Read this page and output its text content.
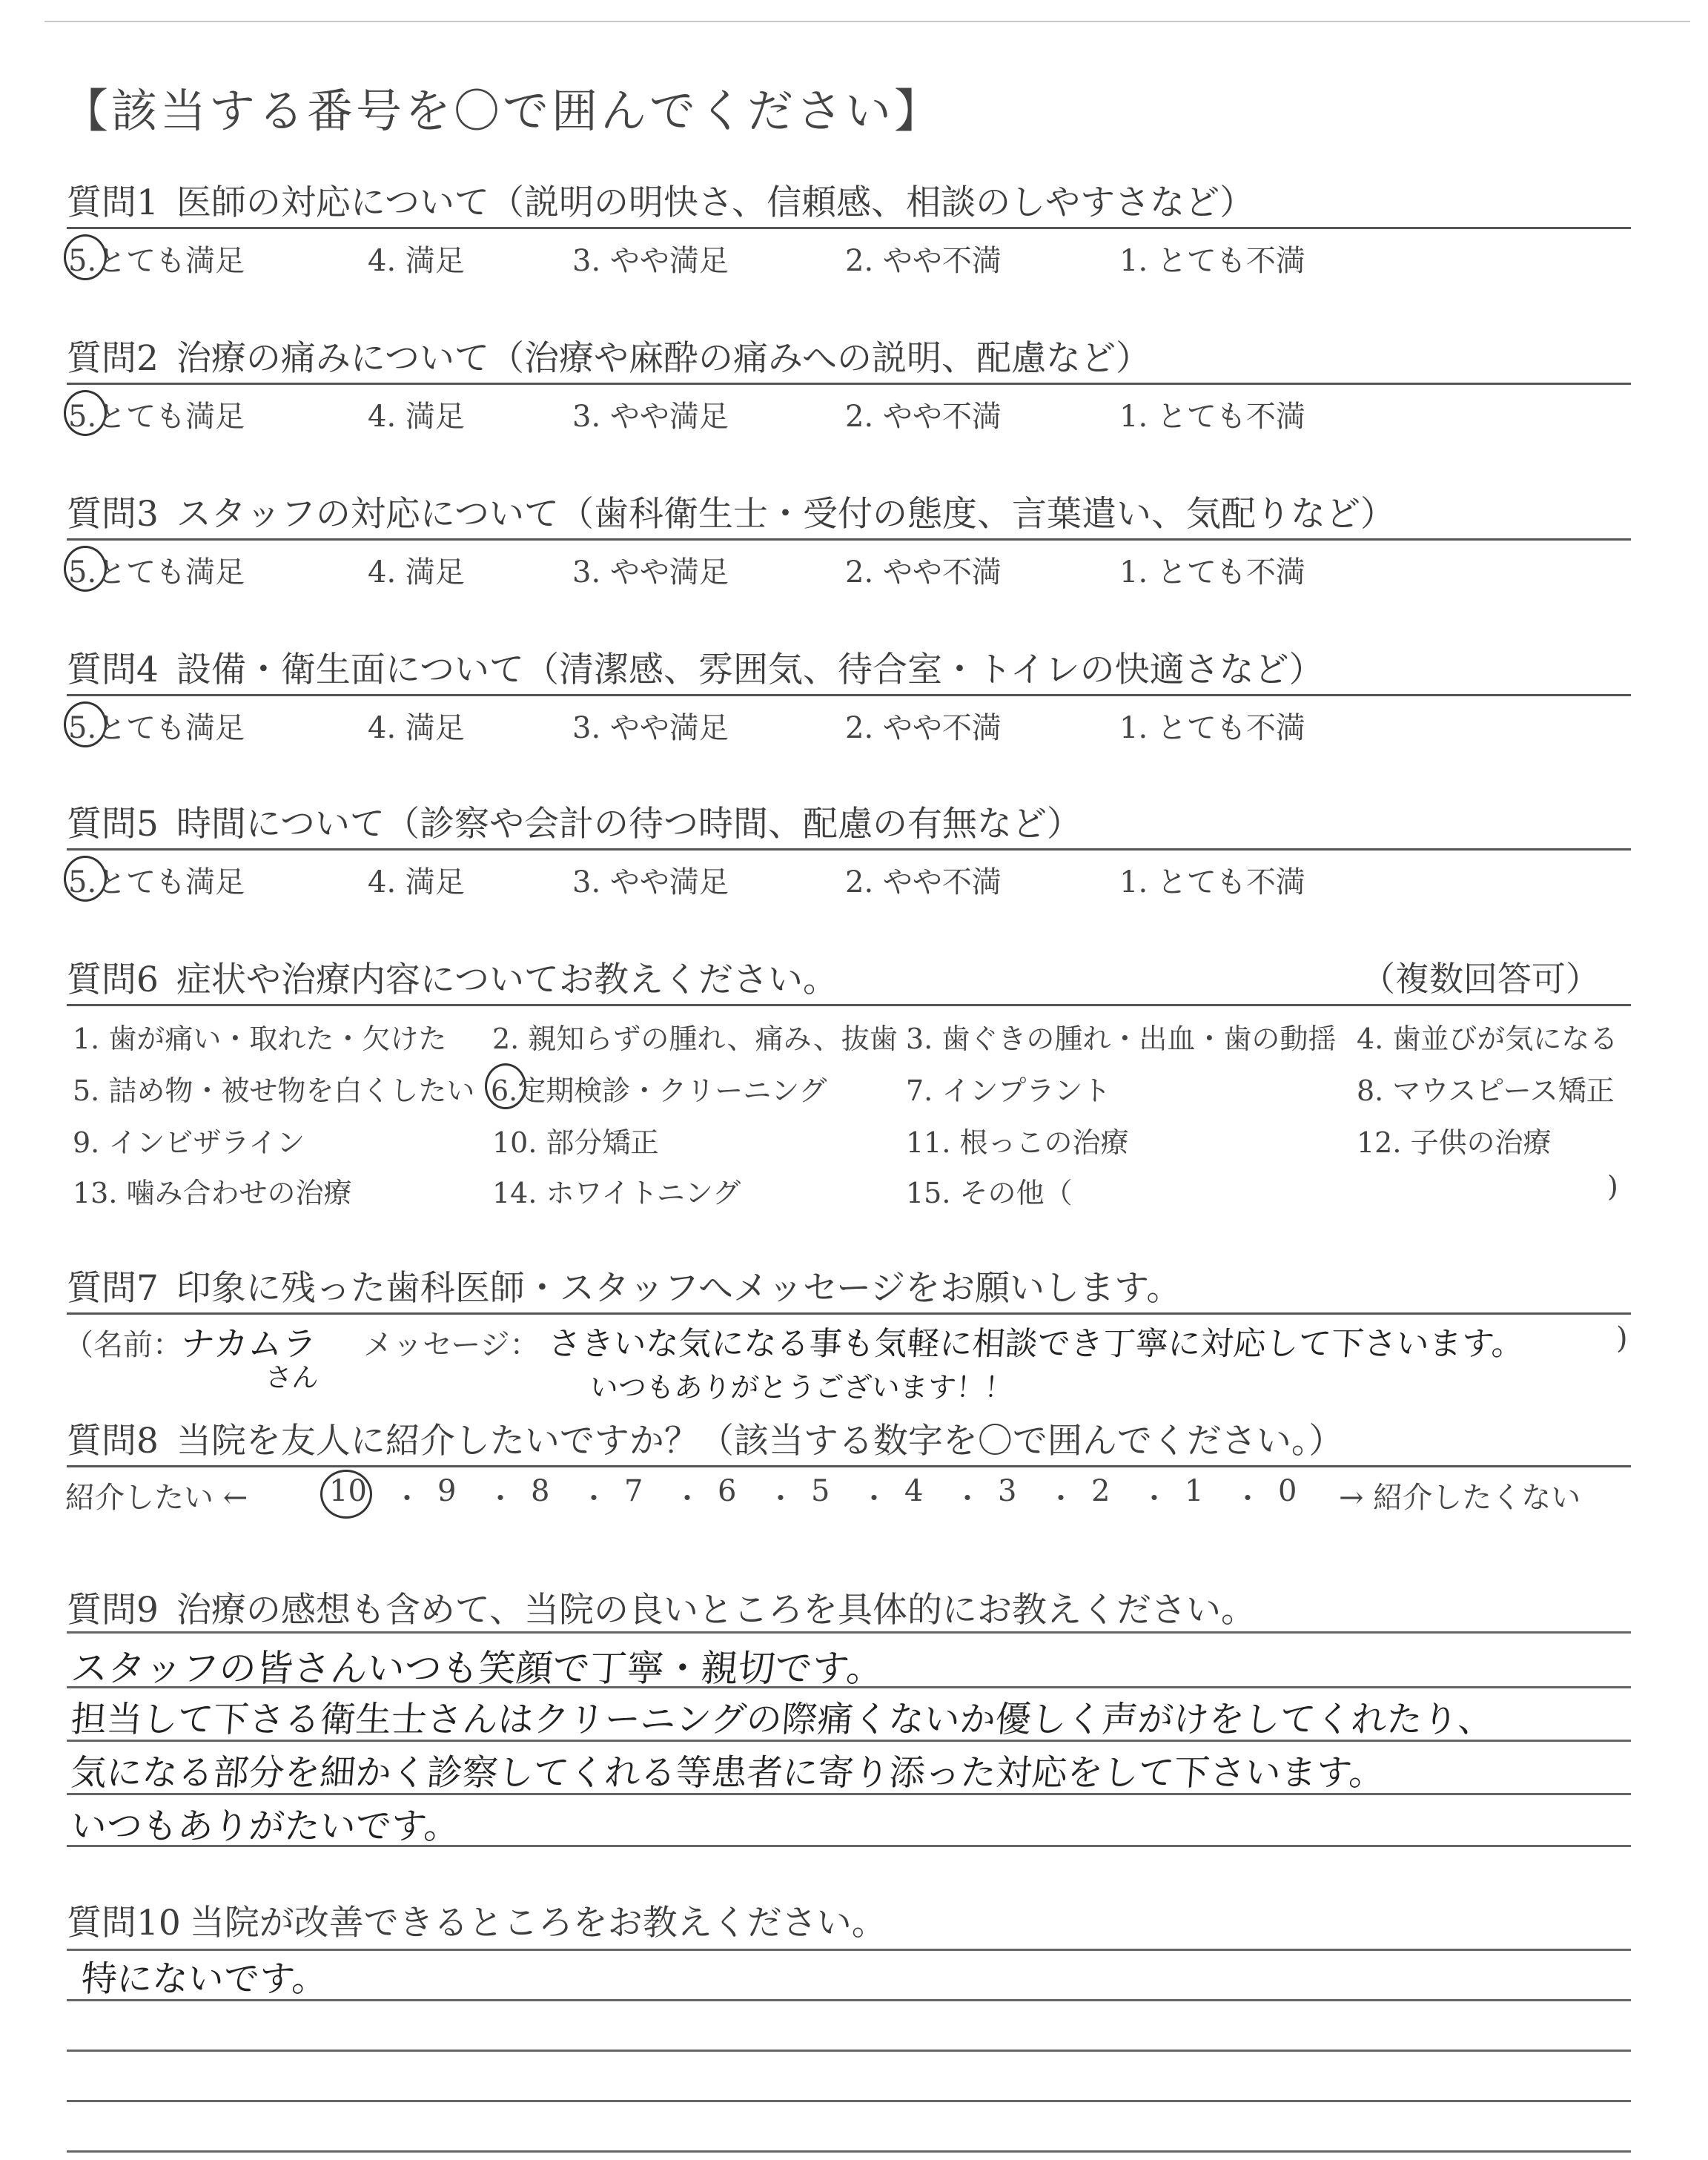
【該当する番号を〇で囲んでください】
質問1 医師の対応について（説明の明快さ、信頼感、相談のしやすさなど）
5.とても満足	4. 満足	3. やや満足	2. やや不満	1. とても不満
質問2 治療の痛みについて（治療や麻酔の痛みへの説明、配慮など）
5.とても満足	4. 満足	3. やや満足	2. やや不満	1. とても不満
質問3 スタッフの対応について（歯科衛生士・受付の態度、言葉遣い、気配りなど）
5.とても満足	4. 満足	3. やや満足	2. やや不満	1. とても不満
質問4 設備・衛生面について（清潔感、雰囲気、待合室・トイレの快適さなど）
5.とても満足	4. 満足	3. やや満足	2. やや不満	1. とても不満
質問5 時間について（診察や会計の待つ時間、配慮の有無など）
5.とても満足	4. 満足	3. やや満足	2. やや不満	1. とても不満
質問6 症状や治療内容についてお教えください。	（複数回答可）
1. 歯が痛い・取れた・欠けた 2. 親知らずの腫れ、痛み、抜歯 3. 歯ぐきの腫れ・出血・歯の動揺 4. 歯並びが気になる
5. 詰め物・被せ物を白くしたい 6.定期検診・クリーニング	7. インプラント	8. マウスピース矯正
9. インビザライン	10. 部分矯正	11. 根っこの治療	12. 子供の治療
13. 噛み合わせの治療	14. ホワイトニング	15. その他（	)
質問7 印象に残った歯科医師・スタッフへメッセージをお願いします。
（名前：
ナカムラ
さん
メッセージ： さきいな気になる事も気軽に相談でき丁寧に対応して下さいます。
いつもありがとうございます！！
)
質問8 当院を友人に紹介したいですか？（該当する数字を〇で囲んでください。）
紹介したい ←	10 ・ 9 ・ 8 ・ 7 ・ 6 ・ 5 ・ 4 ・ 3 ・ 2 ・ 1 ・ 0 → 紹介したくない
質問9 治療の感想も含めて、当院の良いところを具体的にお教えください。
スタッフの皆さんいつも笑顔で丁寧・親切です。
担当して下さる衛生士さんはクリーニングの際痛くないか優しく声がけをしてくれたり、
気になる部分を細かく診察してくれる等患者に寄り添った対応をして下さいます。
いつもありがたいです。
質問10 当院が改善できるところをお教えください。
特にないです。
